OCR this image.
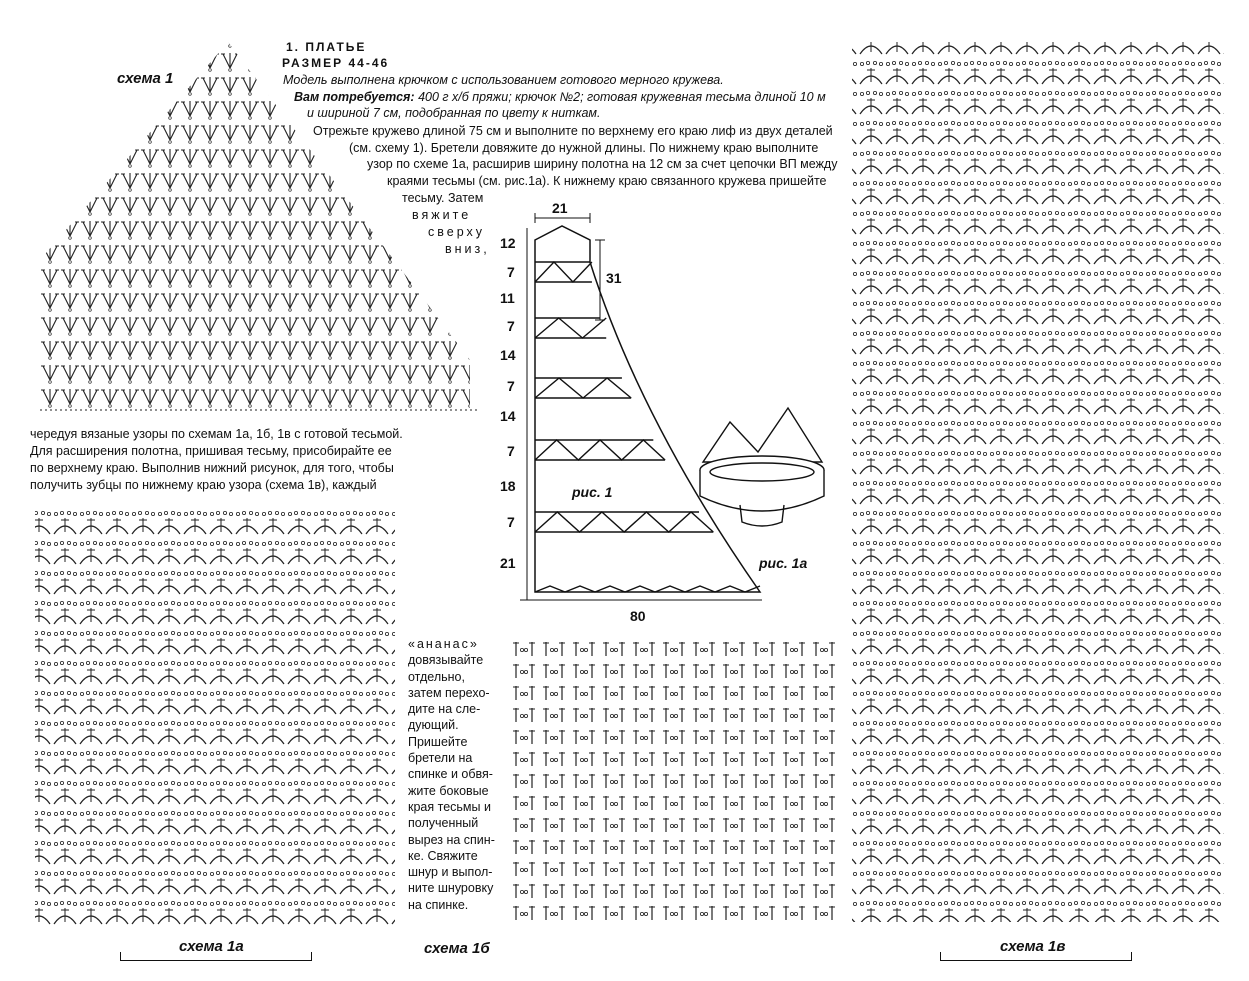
1. ПЛАТЬЕ
РАЗМЕР 44-46
Модель выполнена крючком с использованием готового мерного кружева.
Вам потребуется: 400 г х/б пряжи; крючок №2; готовая кружевная тесьма длиной 10 м
и шириной 7 см, подобранная по цвету к ниткам.
Отрежьте кружево длиной 75 см и выполните по верхнему его краю лиф из двух деталей
(см. схему 1). Бретели довяжите до нужной длины. По нижнему краю выполните
узор по схеме 1а, расширив ширину полотна на 12 см за счет цепочки ВП между
краями тесьмы (см. рис.1а). К нижнему краю связанного кружева пришейте
тесьму. Затем
вяжите
сверху
вниз,
схема 1
чередуя вязаные узоры по схемам 1а, 1б, 1в с готовой тесьмой.
Для расширения полотна, пришивая тесьму, присобирайте ее
по верхнему краю. Выполнив нижний рисунок, для того, чтобы
получить зубцы по нижнему краю узора (схема 1в), каждый
«ананас»
довязывайте
отдельно,
затем перехо-
дите на сле-
дующий.
Пришейте
бретели на
спинке и обвя-
жите боковые
края тесьмы и
полученный
вырез на спин-
ке. Свяжите
шнур и выпол-
ните шнуровку
на спинке.
схема 1а	схема 1б	схема 1в
рис. 1
рис. 1а
21
31
80
12
7
11
7
14
7
14
7
18
7
21
